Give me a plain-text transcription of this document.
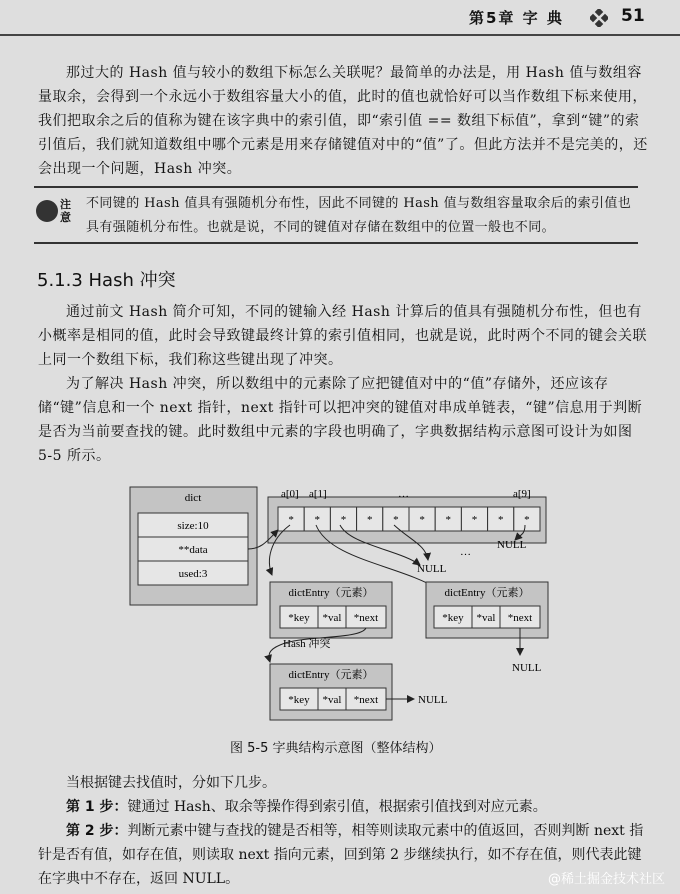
第5章 字 典	51

那过大的 Hash 值与较小的数组下标怎么关联呢？最简单的办法是，用 Hash 值与数组容量取余，会得到一个永远小于数组容量大小的值，此时的值也就恰好可以当作数组下标来使用，我们把取余之后的值称为键在该字典中的索引值，即“索引值 == 数组下标值”，拿到“键”的索引值后，我们就知道数组中哪个元素是用来存储键值对中的“值”了。但此方法并不是完美的，还会出现一个问题，Hash 冲突。

注意
不同键的 Hash 值具有强随机分布性，因此不同键的 Hash 值与数组容量取余后的索引值也具有强随机分布性。也就是说，不同的键值对存储在数组中的位置一般也不同。
5.1.3 Hash 冲突

通过前文 Hash 简介可知，不同的键输入经 Hash 计算后的值具有强随机分布性，但也有小概率是相同的值，此时会导致键最终计算的索引值相同，也就是说，此时两个不同的键会关联上同一个数组下标，我们称这些键出现了冲突。

为了解决 Hash 冲突，所以数组中的元素除了应把键值对中的“值”存储外，还应该存储“键”信息和一个 next 指针，next 指针可以把冲突的键值对串成单链表，“键”信息用于判断是否为当前要查找的键。此时数组中元素的字段也明确了，字典数据结构示意图可设计为如图 5-5 所示。

dict
size:10
**data
used:3
a[0] a[1]	…	a[9]
* * * * * * * * * *
NULL
NULL
…
dictEntry（元素）
*key *val *next
dictEntry（元素）
*key *val *next
NULL
Hash 冲突
dictEntry（元素）
*key *val *next	NULL
图 5-5 字典结构示意图（整体结构）

当根据键去找值时，分如下几步。

第 1 步：键通过 Hash、取余等操作得到索引值，根据索引值找到对应元素。

第 2 步：判断元素中键与查找的键是否相等，相等则读取元素中的值返回，否则判断 next 指针是否有值，如存在值，则读取 next 指向元素，回到第 2 步继续执行，如不存在值，则代表此键在字典中不存在，返回 NULL。	@稀土掘金技术社区
